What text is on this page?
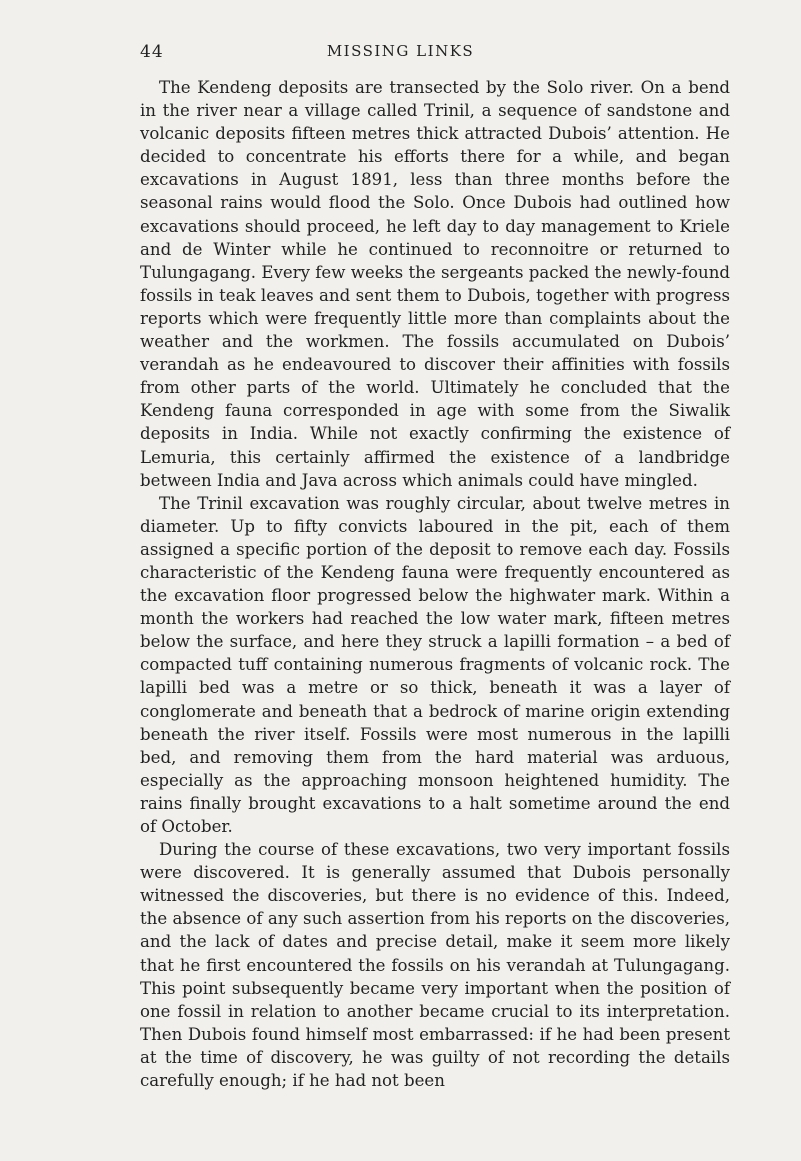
44	MISSING LINKS

The Kendeng deposits are transected by the Solo river. On a bend in the river near a village called Trinil, a sequence of sandstone and volcanic deposits fifteen metres thick attracted Dubois’ attention. He decided to concentrate his efforts there for a while, and began excavations in August 1891, less than three months before the seasonal rains would flood the Solo. Once Dubois had outlined how excavations should proceed, he left day to day management to Kriele and de Winter while he continued to reconnoitre or returned to Tulungagang. Every few weeks the sergeants packed the newly-found fossils in teak leaves and sent them to Dubois, together with progress reports which were frequently little more than complaints about the weather and the workmen. The fossils accumulated on Dubois’ verandah as he endeavoured to discover their affinities with fossils from other parts of the world. Ultimately he concluded that the Kendeng fauna corresponded in age with some from the Siwalik deposits in India. While not exactly confirming the existence of Lemuria, this certainly affirmed the existence of a landbridge between India and Java across which animals could have mingled.

The Trinil excavation was roughly circular, about twelve metres in diameter. Up to fifty convicts laboured in the pit, each of them assigned a specific portion of the deposit to remove each day. Fossils characteristic of the Kendeng fauna were frequently encountered as the excavation floor progressed below the highwater mark. Within a month the workers had reached the low water mark, fifteen metres below the surface, and here they struck a lapilli formation – a bed of compacted tuff containing numerous fragments of volcanic rock. The lapilli bed was a metre or so thick, beneath it was a layer of conglomerate and beneath that a bedrock of marine origin extending beneath the river itself. Fossils were most numerous in the lapilli bed, and removing them from the hard material was arduous, especially as the approaching monsoon heightened humidity. The rains finally brought excavations to a halt sometime around the end of October.

During the course of these excavations, two very important fossils were discovered. It is generally assumed that Dubois personally witnessed the discoveries, but there is no evidence of this. Indeed, the absence of any such assertion from his reports on the discoveries, and the lack of dates and precise detail, make it seem more likely that he first encountered the fossils on his verandah at Tulungagang. This point subsequently became very important when the position of one fossil in relation to another became crucial to its interpretation. Then Dubois found himself most embarrassed: if he had been present at the time of discovery, he was guilty of not recording the details carefully enough; if he had not been
